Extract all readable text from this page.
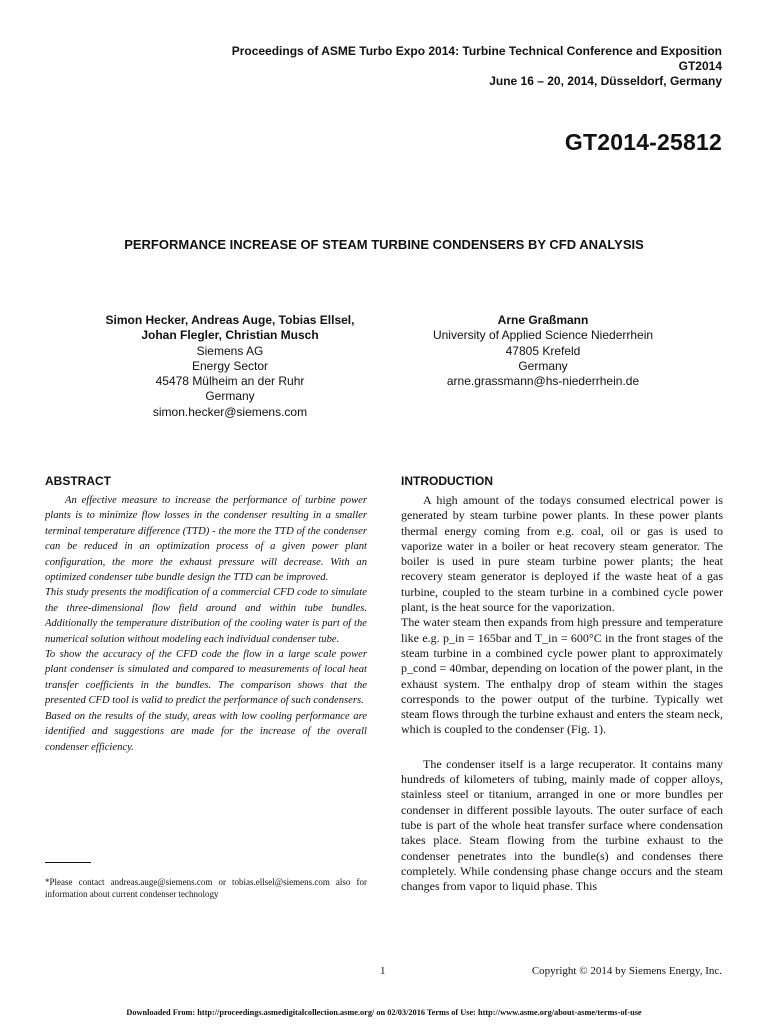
Proceedings of ASME Turbo Expo 2014: Turbine Technical Conference and Exposition
GT2014
June 16 – 20, 2014, Düsseldorf, Germany
GT2014-25812
PERFORMANCE INCREASE OF STEAM TURBINE CONDENSERS BY CFD ANALYSIS
Simon Hecker, Andreas Auge, Tobias Ellsel,
Johan Flegler, Christian Musch
Siemens AG
Energy Sector
45478 Mülheim an der Ruhr
Germany
simon.hecker@siemens.com
Arne Graßmann
University of Applied Science Niederrhein
47805 Krefeld
Germany
arne.grassmann@hs-niederrhein.de
ABSTRACT

An effective measure to increase the performance of turbine power plants is to minimize flow losses in the condenser resulting in a smaller terminal temperature difference (TTD) - the more the TTD of the condenser can be reduced in an optimization process of a given power plant configuration, the more the exhaust pressure will decrease. With an optimized condenser tube bundle design the TTD can be improved.

This study presents the modification of a commercial CFD code to simulate the three-dimensional flow field around and within tube bundles. Additionally the temperature distribution of the cooling water is part of the numerical solution without modeling each individual condenser tube.

To show the accuracy of the CFD code the flow in a large scale power plant condenser is simulated and compared to measurements of local heat transfer coefficients in the bundles. The comparison shows that the presented CFD tool is valid to predict the performance of such condensers.

Based on the results of the study, areas with low cooling performance are identified and suggestions are made for the increase of the overall condenser efficiency.

INTRODUCTION

A high amount of the todays consumed electrical power is generated by steam turbine power plants. In these power plants thermal energy coming from e.g. coal, oil or gas is used to vaporize water in a boiler or heat recovery steam generator. The boiler is used in pure steam turbine power plants; the heat recovery steam generator is deployed if the waste heat of a gas turbine, coupled to the steam turbine in a combined cycle power plant, is the heat source for the vaporization.

The water steam then expands from high pressure and temperature like e.g. p_in = 165bar and T_in = 600°C in the front stages of the steam turbine in a combined cycle power plant to approximately p_cond = 40mbar, depending on location of the power plant, in the exhaust system. The enthalpy drop of steam within the stages corresponds to the power output of the turbine. Typically wet steam flows through the turbine exhaust and enters the steam neck, which is coupled to the condenser (Fig. 1).

The condenser itself is a large recuperator. It contains many hundreds of kilometers of tubing, mainly made of copper alloys, stainless steel or titanium, arranged in one or more bundles per condenser in different possible layouts. The outer surface of each tube is part of the whole heat transfer surface where condensation takes place. Steam flowing from the turbine exhaust to the condenser penetrates into the bundle(s) and condenses there completely. While condensing phase change occurs and the steam changes from vapor to liquid phase. This

*Please contact andreas.auge@siemens.com or tobias.ellsel@siemens.com also for information about current condenser technology
1	Copyright © 2014 by Siemens Energy, Inc.
Downloaded From: http://proceedings.asmedigitalcollection.asme.org/ on 02/03/2016 Terms of Use: http://www.asme.org/about-asme/terms-of-use
